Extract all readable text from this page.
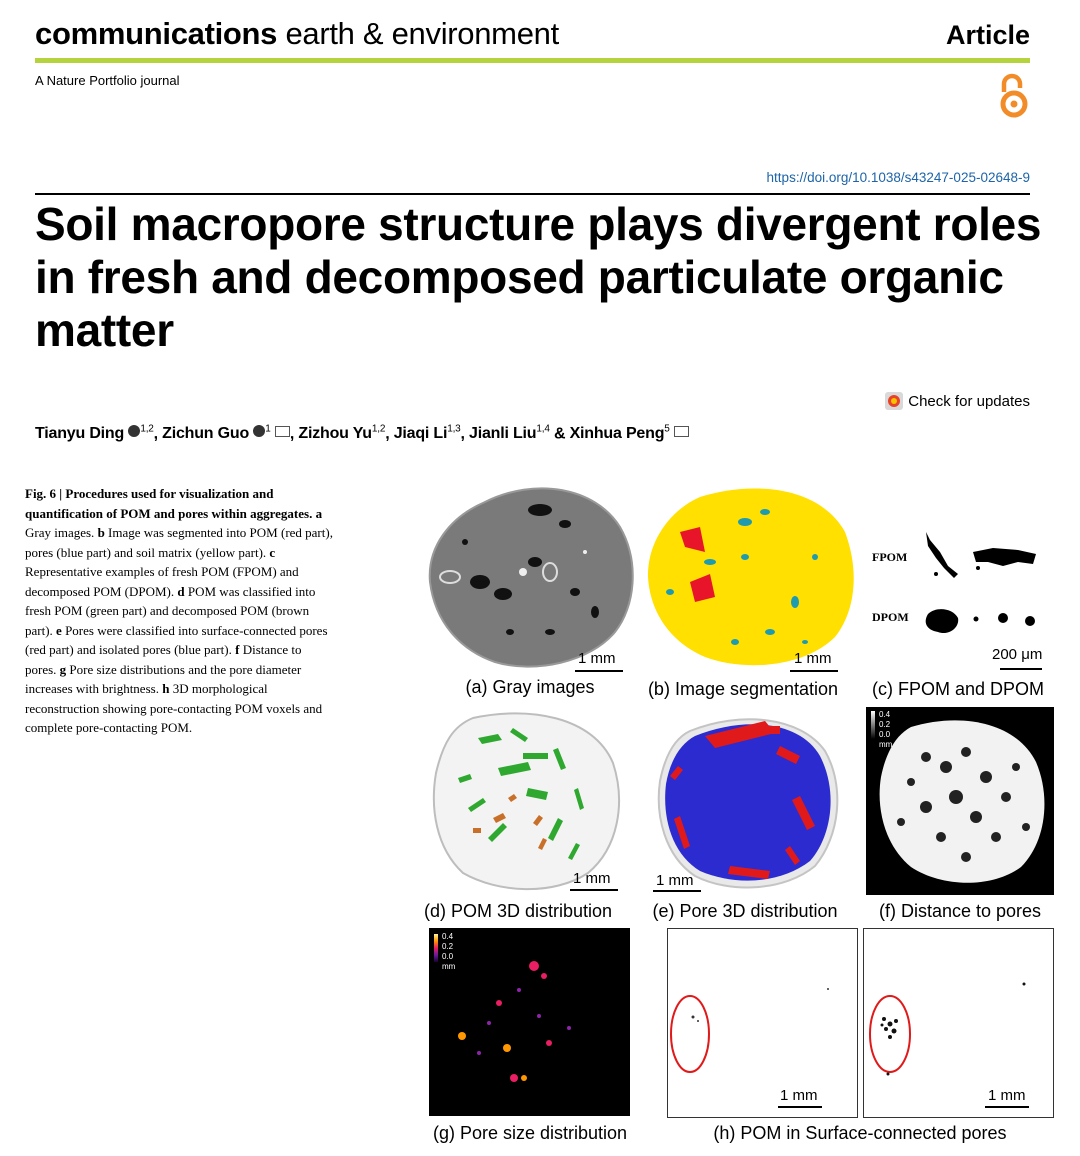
communications earth & environment	Article
A Nature Portfolio journal
https://doi.org/10.1038/s43247-025-02648-9
Soil macropore structure plays divergent roles in fresh and decomposed particulate organic matter
Check for updates
Tianyu Ding $^{1,2}$, Zichun Guo $^1$ , Zizhou Yu$^{1,2}$, Jiaqi Li$^{1,3}$, Jianli Liu$^{1,4}$ & Xinhua Peng$^5$
Fig. 6 | Procedures used for visualization and quantification of POM and pores within aggregates. a Gray images. b Image was segmented into POM (red part), pores (blue part) and soil matrix (yellow part). c Representative examples of fresh POM (FPOM) and decomposed POM (DPOM). d POM was classified into fresh POM (green part) and decomposed POM (brown part). e Pores were classified into surface-connected pores (red part) and isolated pores (blue part). f Distance to pores. g Pore size distributions and the pore diameter increases with brightness. h 3D morphological reconstruction showing pore-contacting POM voxels and complete pore-contacting POM.
1 mm
(a) Gray images
1 mm
(b) Image segmentation
FPOM
DPOM
200 μm
(c) FPOM and DPOM
1 mm
(d) POM 3D distribution
1 mm
(e) Pore 3D distribution
0.4
0.2
0.0
mm
(f) Distance to pores
0.4
0.2
0.0
mm
(g) Pore size distribution
1 mm	1 mm
(h) POM in Surface-connected pores
